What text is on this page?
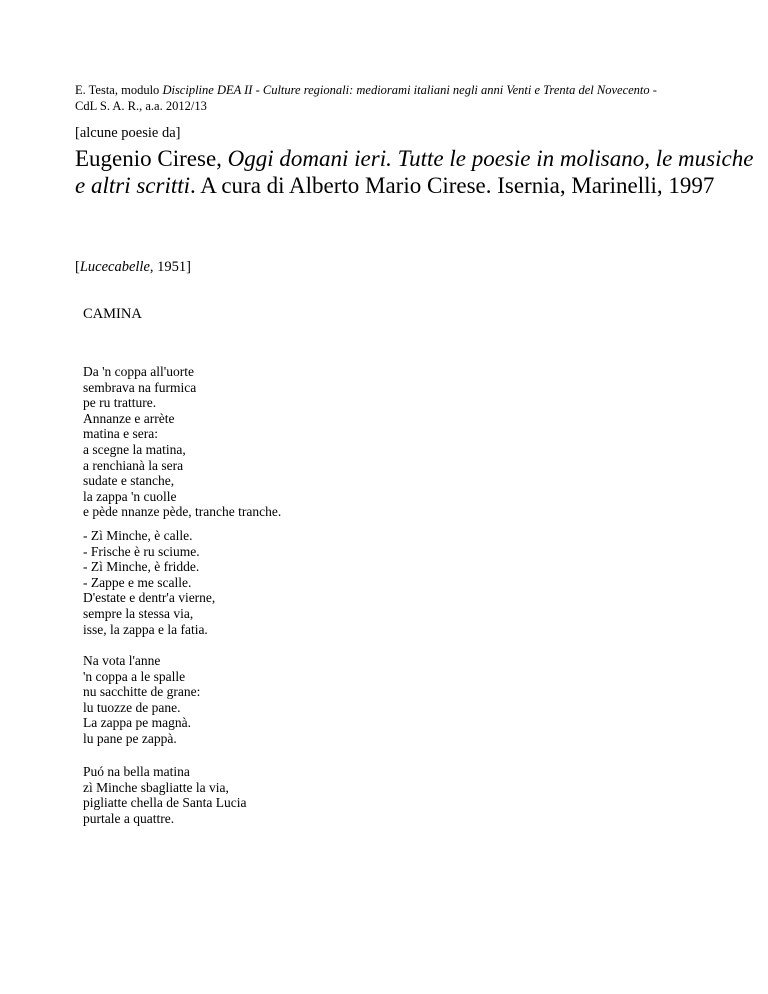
E. Testa, modulo Discipline DEA II - Culture regionali: mediorami italiani negli anni Venti e Trenta del Novecento -
CdL S. A. R., a.a. 2012/13
[alcune poesie da]
Eugenio Cirese, Oggi domani ieri. Tutte le poesie in molisano, le musiche
e altri scritti. A cura di Alberto Mario Cirese. Isernia, Marinelli, 1997
[Lucecabelle, 1951]
CAMINA
Da 'n coppa all'uorte
sembrava na furmica
pe ru tratture.
Annanze e arrète
matina e sera:
a scegne la matina,
a renchianà la sera
sudate e stanche,
la zappa 'n cuolle
e pède nnanze pède, tranche tranche.
- Zì Minche, è calle.
- Frische è ru sciume.
- Zì Minche, è fridde.
- Zappe e me scalle.
D'estate e dentr'a vierne,
sempre la stessa via,
isse, la zappa e la fatia.
Na vota l'anne
'n coppa a le spalle
nu sacchitte de grane:
lu tuozze de pane.
La zappa pe magnà.
lu pane pe zappà.
Puó na bella matina
zì Minche sbagliatte la via,
pigliatte chella de Santa Lucia
purtale a quattre.
